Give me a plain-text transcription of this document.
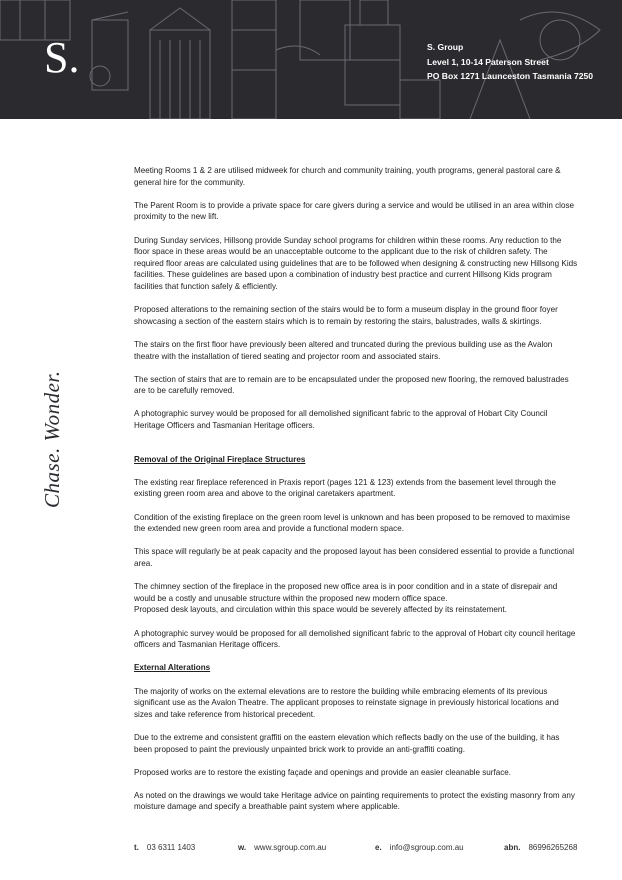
S.	S. Group
Level 1, 10-14 Paterson Street
PO Box 1271 Launceston Tasmania 7250
Chase. Wonder.

Meeting Rooms 1 & 2 are utilised midweek for church and community training, youth programs, general pastoral care & general hire for the community.

The Parent Room is to provide a private space for care givers during a service and would be utilised in an area within close proximity to the new lift.

During Sunday services, Hillsong provide Sunday school programs for children within these rooms. Any reduction to the floor space in these areas would be an unacceptable outcome to the applicant due to the risk of children safety. The required floor areas are calculated using guidelines that are to be followed when designing & constructing new Hillsong Kids facilities. These guidelines are based upon a combination of industry best practice and current Hillsong Kids program facilities that function safely & efficiently.

Proposed alterations to the remaining section of the stairs would be to form a museum display in the ground floor foyer showcasing a section of the eastern stairs which is to remain by restoring the stairs, balustrades, walls & skirtings.

The stairs on the first floor have previously been altered and truncated during the previous building use as the Avalon theatre with the installation of tiered seating and projector room and associated stairs.

The section of stairs that are to remain are to be encapsulated under the proposed new flooring, the removed balustrades are to be carefully removed.

A photographic survey would be proposed for all demolished significant fabric to the approval of Hobart City Council Heritage Officers and Tasmanian Heritage officers.

Removal of the Original Fireplace Structures

The existing rear fireplace referenced in Praxis report (pages 121 & 123) extends from the basement level through the existing green room area and above to the original caretakers apartment.

Condition of the existing fireplace on the green room level is unknown and has been proposed to be removed to maximise the extended new green room area and provide a functional modern space.

This space will regularly be at peak capacity and the proposed layout has been considered essential to provide a functional area.

The chimney section of the fireplace in the proposed new office area is in poor condition and in a state of disrepair and would be a costly and unusable structure within the proposed new modern office space.
Proposed desk layouts, and circulation within this space would be severely affected by its reinstatement.

A photographic survey would be proposed for all demolished significant fabric to the approval of Hobart city council heritage officers and Tasmanian Heritage officers.

External Alterations

The majority of works on the external elevations are to restore the building while embracing elements of its previous significant use as the Avalon Theatre. The applicant proposes to reinstate signage in previously historical locations and sizes and take reference from historical precedent.

Due to the extreme and consistent graffiti on the eastern elevation which reflects badly on the use of the building, it has been proposed to paint the previously unpainted brick work to provide an anti-graffiti coating.

Proposed works are to restore the existing façade and openings and provide an easier cleanable surface.

As noted on the drawings we would take Heritage advice on painting requirements to protect the existing masonry from any moisture damage and specify a breathable paint system where applicable.

t. 03 6311 1403	w. www.sgroup.com.au	e. info@sgroup.com.au	abn. 86996265268
